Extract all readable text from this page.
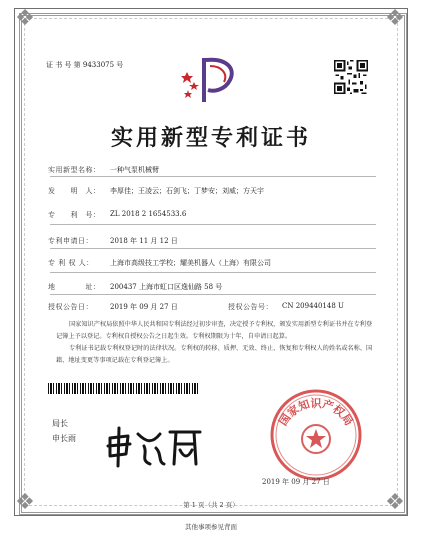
❖	❖
❖	❖
证 书 号 第 9433075 号
实用新型专利证书
实用新型名称： 一种气泵机械臂
发　　明　人： 李厚佳；王凌云；石剑飞；丁梦安；刘威；方天宇
专　　利　号： ZL 2018 2 1654533.6
专利申请日： 2018 年 11 月 12 日
专 利 权 人： 上海市高级技工学校；耀美机器人（上海）有限公司
地　　　　址： 200437 上海市虹口区逸仙路 58 号
授权公告日： 2019 年 09 月 27 日	授权公告号： CN 209440148 U

国家知识产权局依照中华人民共和国专利法经过初步审查，决定授予专利权，颁发实用新型专利证书并在专利登记簿上予以登记。专利权自授权公告之日起生效。专利权期限为十年，自申请日起算。

专利证书记载专利权登记时的法律状况。专利权的转移、质押、无效、终止、恢复和专利权人的姓名或名称、国籍、地址变更等事项记载在专利登记簿上。

局长
申长雨
国家知识产权局
2019 年 09 月 27 日
第 1 页（共 2 页）
其他事项参见背面
